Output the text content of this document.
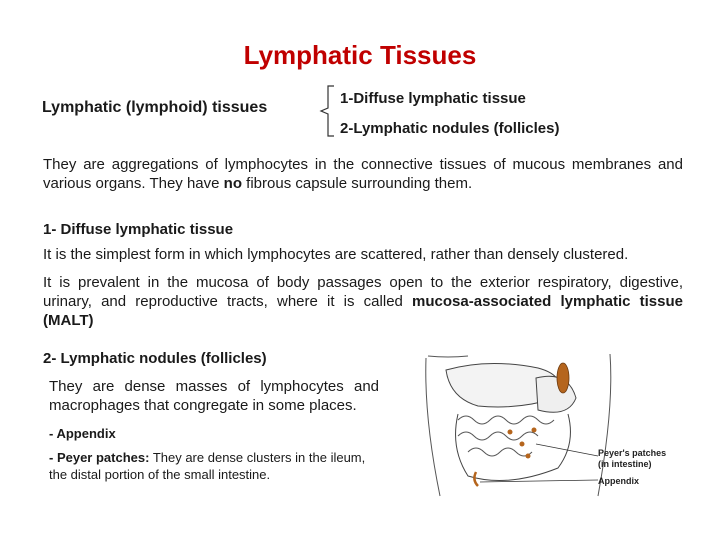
Lymphatic Tissues
Lymphatic (lymphoid) tissues
1-Diffuse lymphatic tissue
2-Lymphatic nodules (follicles)
They are aggregations of lymphocytes in the connective tissues of mucous membranes and various organs. They have no fibrous capsule surrounding them.
1- Diffuse lymphatic tissue
It is the simplest form in which lymphocytes are scattered, rather than densely clustered.
It is prevalent in the mucosa of body passages open to the exterior respiratory, digestive, urinary, and reproductive tracts, where it is called mucosa-associated lymphatic tissue (MALT)
2- Lymphatic nodules (follicles)
They are dense masses of lymphocytes and macrophages that congregate in some places.
- Appendix
- Peyer patches: They are dense clusters in the ileum, the distal portion of the small intestine.
Peyer's patches
(in intestine)
Appendix
